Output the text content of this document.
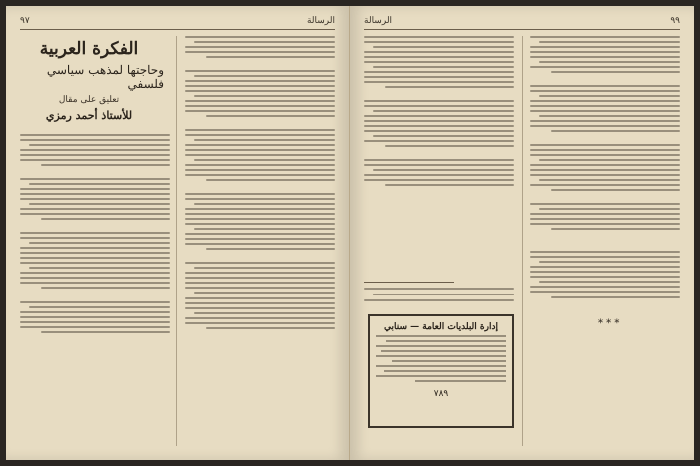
٩٧	الرسالة
الفكرة العربية
وحاجتها لمذهب سياسي فلسفي
تعليق على مقال
للأستاذ أحمد رمزي
الرسالة	٩٩
* * *
إدارة البلديات العامة — سنابي
٧٨٩
